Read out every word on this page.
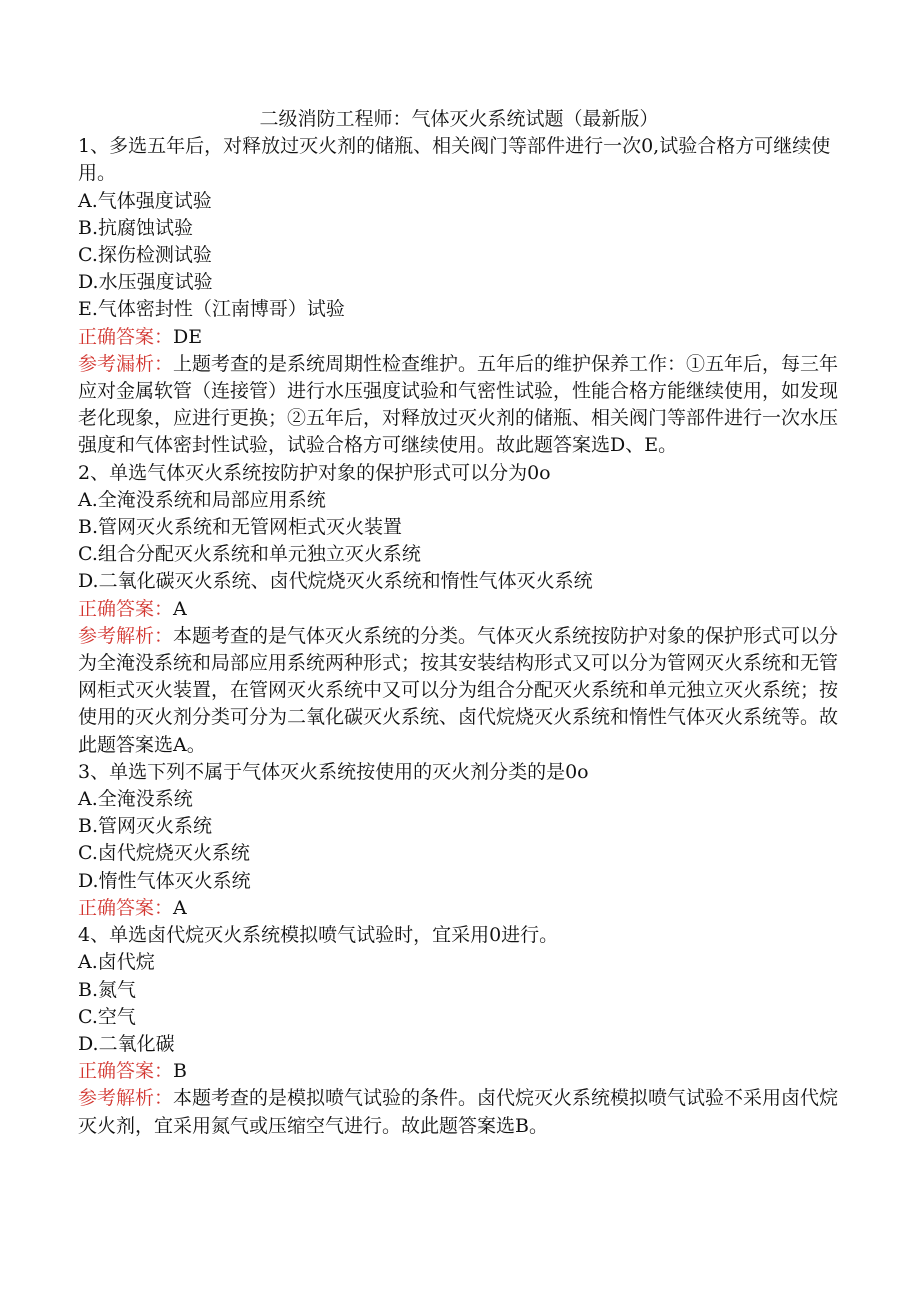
二级消防工程师：气体灭火系统试题（最新版）

1、多选五年后，对释放过灭火剂的储瓶、相关阀门等部件进行一次0,试验合格方可继续使用。

A.气体强度试验

B.抗腐蚀试验

C.探伤检测试验

D.水压强度试验

E.气体密封性（江南博哥）试验

正确答案：DE

参考漏析：上题考查的是系统周期性检查维护。五年后的维护保养工作：①五年后，每三年应对金属软管（连接管）进行水压强度试验和气密性试验，性能合格方能继续使用，如发现老化现象，应进行更换；②五年后，对释放过灭火剂的储瓶、相关阀门等部件进行一次水压强度和气体密封性试验，试验合格方可继续使用。故此题答案选D、E。

2、单选气体灭火系统按防护对象的保护形式可以分为0o

A.全淹没系统和局部应用系统

B.管网灭火系统和无管网柜式灭火装置

C.组合分配灭火系统和单元独立灭火系统

D.二氧化碳灭火系统、卤代烷烧灭火系统和惰性气体灭火系统

正确答案：A

参考解析：本题考查的是气体灭火系统的分类。气体灭火系统按防护对象的保护形式可以分为全淹没系统和局部应用系统两种形式；按其安装结构形式又可以分为管网灭火系统和无管网柜式灭火装置，在管网灭火系统中又可以分为组合分配灭火系统和单元独立灭火系统；按使用的灭火剂分类可分为二氧化碳灭火系统、卤代烷烧灭火系统和惰性气体灭火系统等。故此题答案选A。

3、单选下列不属于气体灭火系统按使用的灭火剂分类的是0o

A.全淹没系统

B.管网灭火系统

C.卤代烷烧灭火系统

D.惰性气体灭火系统

正确答案：A

4、单选卤代烷灭火系统模拟喷气试验时，宜采用0进行。

A.卤代烷

B.氮气

C.空气

D.二氧化碳

正确答案：B

参考解析：本题考查的是模拟喷气试验的条件。卤代烷灭火系统模拟喷气试验不采用卤代烷灭火剂，宜采用氮气或压缩空气进行。故此题答案选B。
